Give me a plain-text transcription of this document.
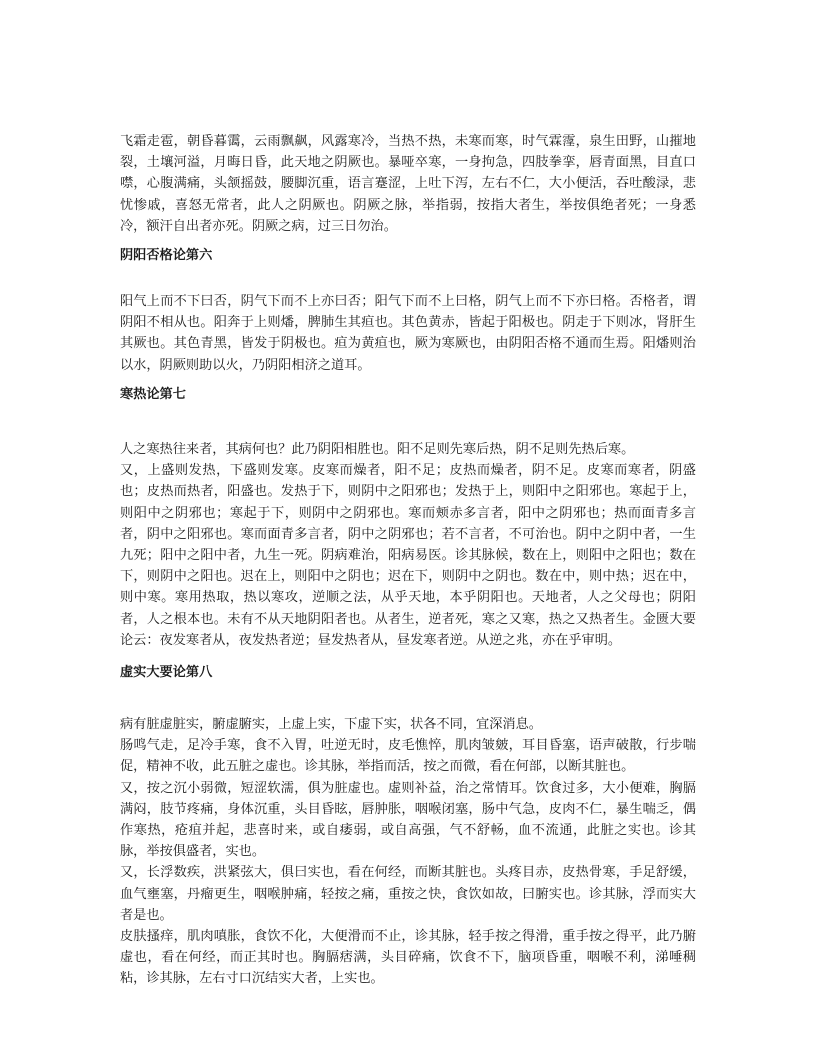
飞霜走雹，朝昏暮霭，云雨飘飙，风露寒冷，当热不热，未寒而寒，时气霖霪，泉生田野，山摧地裂，土壤河溢，月晦日昏，此天地之阴厥也。暴哑卒寒，一身拘急，四肢拳挛，唇青面黑，目直口噤，心腹满痛，头颔摇鼓，腰脚沉重，语言蹇涩，上吐下泻，左右不仁，大小便活，吞吐酸渌，悲忧惨戚，喜怒无常者，此人之阴厥也。阴厥之脉，举指弱，按指大者生，举按俱绝者死；一身悉冷，额汗自出者亦死。阴厥之病，过三日勿治。

阴阳否格论第六

阳气上而不下曰否，阴气下而不上亦曰否；阳气下而不上曰格，阴气上而不下亦曰格。否格者，谓阴阳不相从也。阳奔于上则燔，脾肺生其疸也。其色黄赤，皆起于阳极也。阴走于下则冰，肾肝生其厥也。其色青黑，皆发于阴极也。疸为黄疸也，厥为寒厥也，由阴阳否格不通而生焉。阳燔则治以水，阴厥则助以火，乃阴阳相济之道耳。

寒热论第七

人之寒热往来者，其病何也？此乃阴阳相胜也。阳不足则先寒后热，阴不足则先热后寒。

又，上盛则发热，下盛则发寒。皮寒而燥者，阳不足；皮热而燥者，阴不足。皮寒而寒者，阴盛也；皮热而热者，阳盛也。发热于下，则阴中之阳邪也；发热于上，则阳中之阳邪也。寒起于上，则阳中之阴邪也；寒起于下，则阴中之阴邪也。寒而颊赤多言者，阳中之阴邪也；热而面青多言者，阴中之阳邪也。寒而面青多言者，阴中之阴邪也；若不言者，不可治也。阴中之阴中者，一生九死；阳中之阳中者，九生一死。阴病难治，阳病易医。诊其脉候，数在上，则阳中之阳也；数在下，则阴中之阳也。迟在上，则阳中之阴也；迟在下，则阴中之阴也。数在中，则中热；迟在中，则中寒。寒用热取，热以寒攻，逆顺之法，从乎天地，本乎阴阳也。天地者，人之父母也；阴阳者，人之根本也。未有不从天地阴阳者也。从者生，逆者死，寒之又寒，热之又热者生。金匮大要论云：夜发寒者从，夜发热者逆；昼发热者从，昼发寒者逆。从逆之兆，亦在乎审明。

虚实大要论第八

病有脏虚脏实，腑虚腑实，上虚上实，下虚下实，状各不同，宜深消息。

肠鸣气走，足冷手寒，食不入胃，吐逆无时，皮毛憔悴，肌肉皱皴，耳目昏塞，语声破散，行步喘促，精神不收，此五脏之虚也。诊其脉，举指而活，按之而微，看在何部，以断其脏也。

又，按之沉小弱微，短涩软濡，俱为脏虚也。虚则补益，治之常情耳。饮食过多，大小便难，胸膈满闷，肢节疼痛，身体沉重，头目昏眩，唇肿胀，咽喉闭塞，肠中气急，皮肉不仁，暴生喘乏，偶作寒热，疮疽并起，悲喜时来，或自痿弱，或自高强，气不舒畅，血不流通，此脏之实也。诊其脉，举按俱盛者，实也。

又，长浮数疾，洪紧弦大，俱曰实也，看在何经，而断其脏也。头疼目赤，皮热骨寒，手足舒缓，血气壅塞，丹瘤更生，咽喉肿痛，轻按之痛，重按之快，食饮如故，曰腑实也。诊其脉，浮而实大者是也。

皮肤搔痒，肌肉嗔胀，食饮不化，大便滑而不止，诊其脉，轻手按之得滑，重手按之得平，此乃腑虚也，看在何经，而正其时也。胸膈痞满，头目碎痛，饮食不下，脑项昏重，咽喉不利，涕唾稠粘，诊其脉，左右寸口沉结实大者，上实也。
